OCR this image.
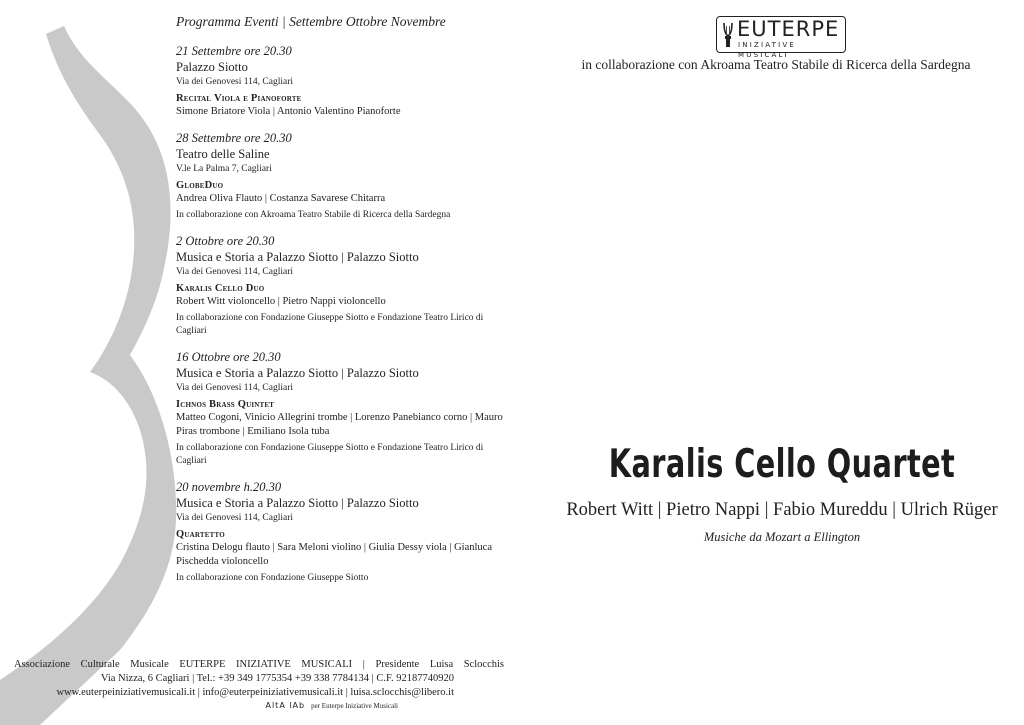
Programma Eventi | Settembre Ottobre Novembre
21 Settembre ore 20.30
Palazzo Siotto
Via dei Genovesi 114, Cagliari
Recital Viola e Pianoforte
Simone Briatore Viola | Antonio Valentino Pianoforte
28 Settembre ore 20.30
Teatro delle Saline
V.le La Palma 7, Cagliari
GlobeDuo
Andrea Oliva Flauto | Costanza Savarese Chitarra
In collaborazione con Akroama Teatro Stabile di Ricerca della Sardegna
2 Ottobre ore 20.30
Musica e Storia a Palazzo Siotto | Palazzo Siotto
Via dei Genovesi 114, Cagliari
Karalis Cello Duo
Robert Witt violoncello | Pietro Nappi violoncello
In collaborazione con Fondazione Giuseppe Siotto e Fondazione Teatro Lirico di Cagliari
16 Ottobre ore 20.30
Musica e Storia a Palazzo Siotto | Palazzo Siotto
Via dei Genovesi 114, Cagliari
Ichnos Brass Quintet
Matteo Cogoni, Vinicio Allegrini trombe | Lorenzo Panebianco corno | Mauro Piras trombone | Emiliano Isola tuba
In collaborazione con Fondazione Giuseppe Siotto e Fondazione Teatro Lirico di Cagliari
20 novembre h.20.30
Musica e Storia a Palazzo Siotto | Palazzo Siotto
Via dei Genovesi 114, Cagliari
Quartetto
Cristina Delogu flauto | Sara Meloni violino | Giulia Dessy viola | Gianluca Pischedda violoncello
In collaborazione con Fondazione Giuseppe Siotto
Associazione Culturale Musicale EUTERPE INIZIATIVE MUSICALI | Presidente Luisa Sclocchis
Via Nizza, 6 Cagliari | Tel.: +39 349 1775354 +39 338 7784134 | C.F. 92187740920
www.euterpeiniziativemusicali.it | info@euterpeiniziativemusicali.it | luisa.sclocchis@libero.it
AltA lAb per Euterpe Iniziative Musicali
EUTERPE
INIZIATIVE MUSICALI
in collaborazione con Akroama Teatro Stabile di Ricerca della Sardegna
Karalis Cello Quartet
Robert Witt | Pietro Nappi | Fabio Mureddu | Ulrich Rüger
Musiche da Mozart a Ellington
